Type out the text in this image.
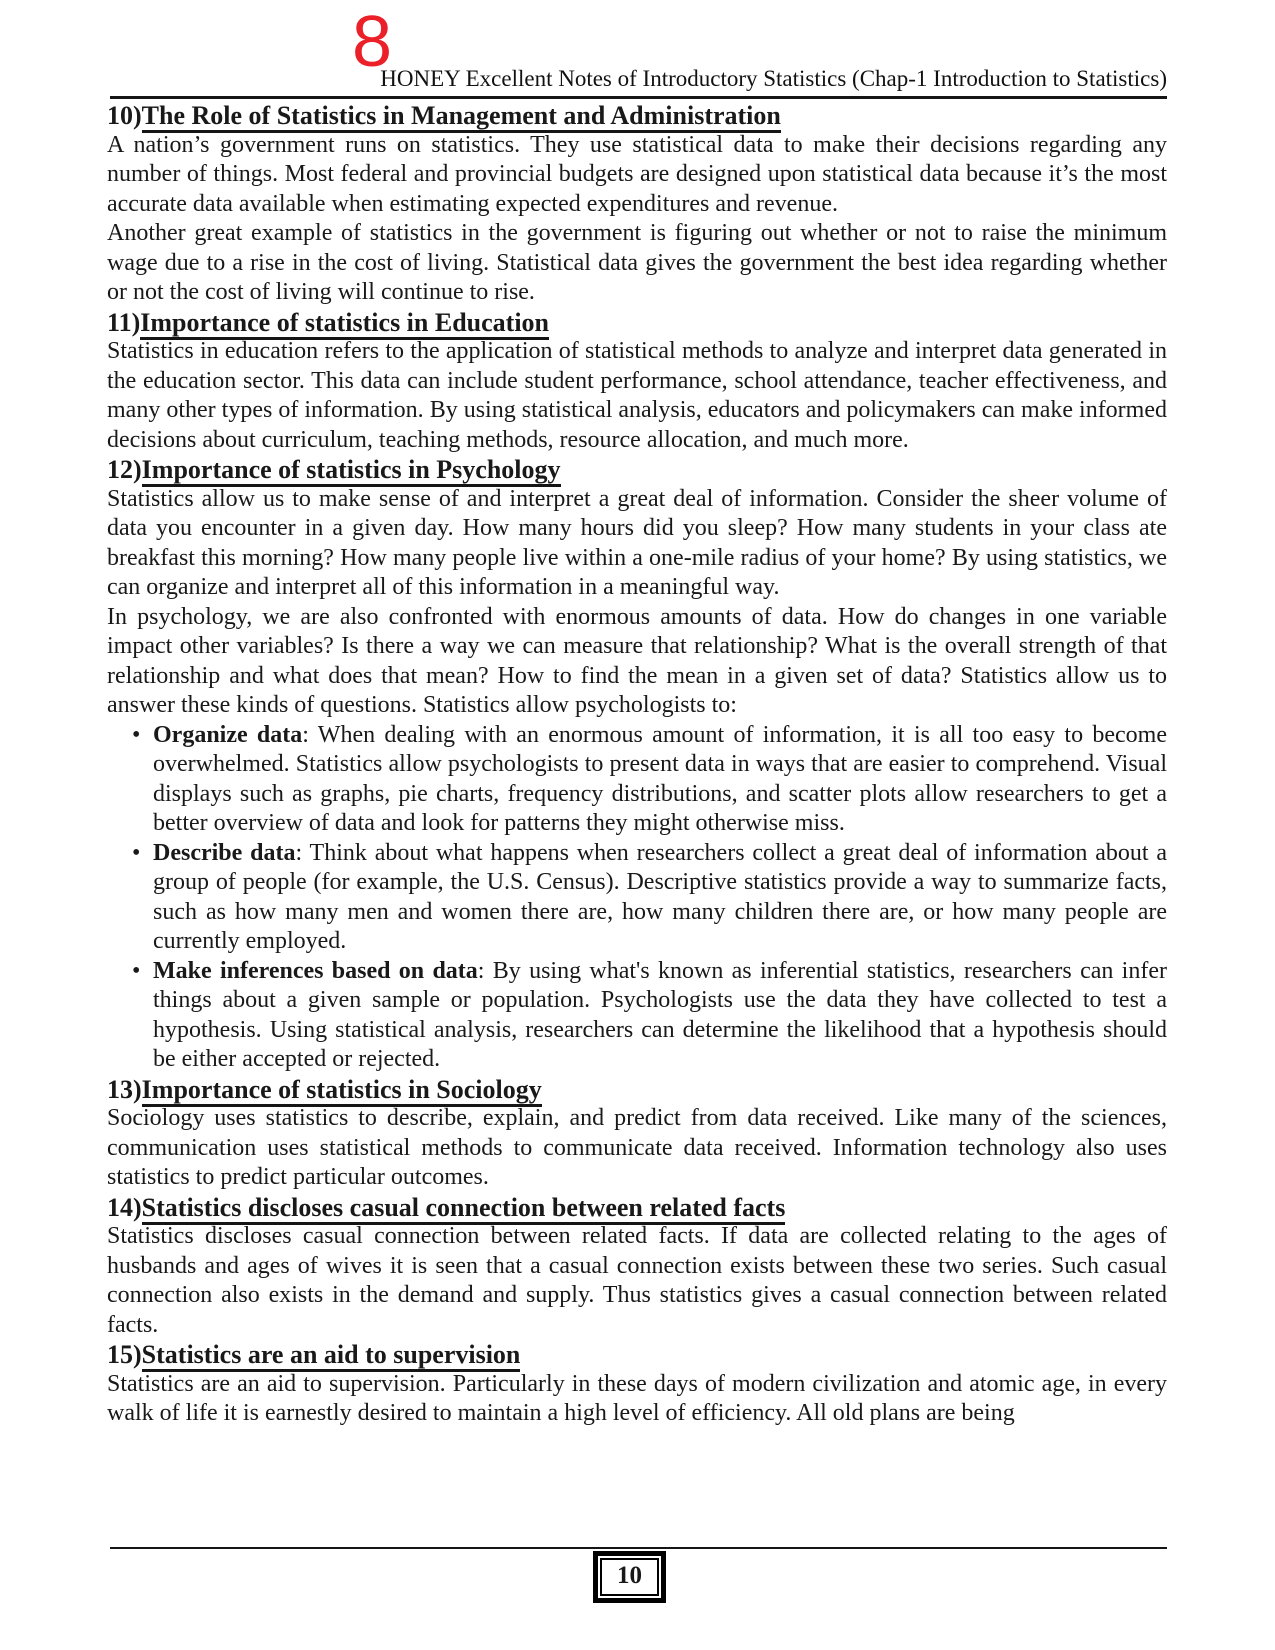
8
HONEY Excellent Notes of Introductory Statistics (Chap-1 Introduction to Statistics)
10)The Role of Statistics in Management and Administration

A nation’s government runs on statistics. They use statistical data to make their decisions regarding any number of things. Most federal and provincial budgets are designed upon statistical data because it’s the most accurate data available when estimating expected expenditures and revenue.

Another great example of statistics in the government is figuring out whether or not to raise the minimum wage due to a rise in the cost of living. Statistical data gives the government the best idea regarding whether or not the cost of living will continue to rise.

11)Importance of statistics in Education

Statistics in education refers to the application of statistical methods to analyze and interpret data generated in the education sector. This data can include student performance, school attendance, teacher effectiveness, and many other types of information. By using statistical analysis, educators and policymakers can make informed decisions about curriculum, teaching methods, resource allocation, and much more.

12)Importance of statistics in Psychology

Statistics allow us to make sense of and interpret a great deal of information. Consider the sheer volume of data you encounter in a given day. How many hours did you sleep? How many students in your class ate breakfast this morning? How many people live within a one-mile radius of your home? By using statistics, we can organize and interpret all of this information in a meaningful way.

In psychology, we are also confronted with enormous amounts of data. How do changes in one variable impact other variables? Is there a way we can measure that relationship? What is the overall strength of that relationship and what does that mean? How to find the mean in a given set of data? Statistics allow us to answer these kinds of questions. Statistics allow psychologists to:

• Organize data: When dealing with an enormous amount of information, it is all too easy to become overwhelmed. Statistics allow psychologists to present data in ways that are easier to comprehend. Visual displays such as graphs, pie charts, frequency distributions, and scatter plots allow researchers to get a better overview of data and look for patterns they might otherwise miss.
• Describe data: Think about what happens when researchers collect a great deal of information about a group of people (for example, the U.S. Census). Descriptive statistics provide a way to summarize facts, such as how many men and women there are, how many children there are, or how many people are currently employed.
• Make inferences based on data: By using what's known as inferential statistics, researchers can infer things about a given sample or population. Psychologists use the data they have collected to test a hypothesis. Using statistical analysis, researchers can determine the likelihood that a hypothesis should be either accepted or rejected.
13)Importance of statistics in Sociology

Sociology uses statistics to describe, explain, and predict from data received. Like many of the sciences, communication uses statistical methods to communicate data received. Information technology also uses statistics to predict particular outcomes.

14)Statistics discloses casual connection between related facts

Statistics discloses casual connection between related facts. If data are collected relating to the ages of husbands and ages of wives it is seen that a casual connection exists between these two series. Such casual connection also exists in the demand and supply. Thus statistics gives a casual connection between related facts.

15)Statistics are an aid to supervision

Statistics are an aid to supervision. Particularly in these days of modern civilization and atomic age, in every walk of life it is earnestly desired to maintain a high level of efficiency. All old plans are being

10
